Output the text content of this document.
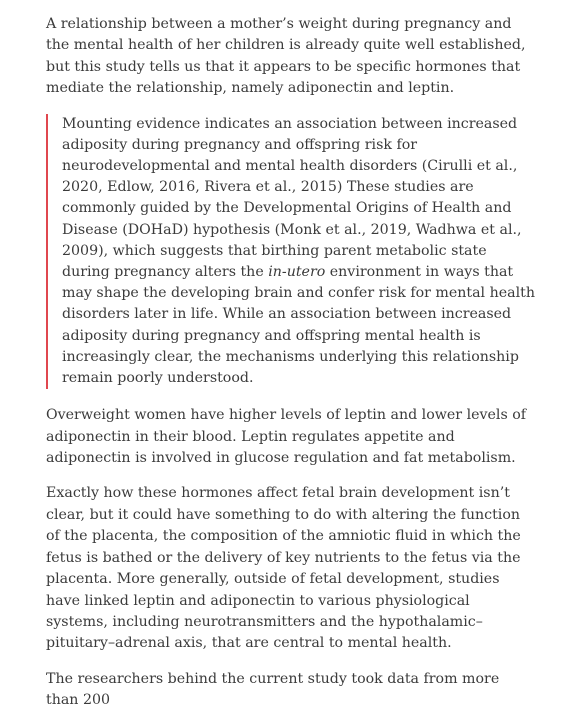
A relationship between a mother’s weight during pregnancy and the mental health of her children is already quite well established, but this study tells us that it appears to be specific hormones that mediate the relationship, namely adiponectin and leptin.

Mounting evidence indicates an association between increased adiposity during pregnancy and offspring risk for neurodevelopmental and mental health disorders (Cirulli et al., 2020, Edlow, 2016, Rivera et al., 2015) These studies are commonly guided by the Developmental Origins of Health and Disease (DOHaD) hypothesis (Monk et al., 2019, Wadhwa et al., 2009), which suggests that birthing parent metabolic state during pregnancy alters the in-utero environment in ways that may shape the developing brain and confer risk for mental health disorders later in life. While an association between increased adiposity during pregnancy and offspring mental health is increasingly clear, the mechanisms underlying this relationship remain poorly understood.

Overweight women have higher levels of leptin and lower levels of adiponectin in their blood. Leptin regulates appetite and adiponectin is involved in glucose regulation and fat metabolism.

Exactly how these hormones affect fetal brain development isn’t clear, but it could have something to do with altering the function of the placenta, the composition of the amniotic fluid in which the fetus is bathed or the delivery of key nutrients to the fetus via the placenta. More generally, outside of fetal development, studies have linked leptin and adiponectin to various physiological systems, including neurotransmitters and the hypothalamic–pituitary–adrenal axis, that are central to mental health.

The researchers behind the current study took data from more than 200
